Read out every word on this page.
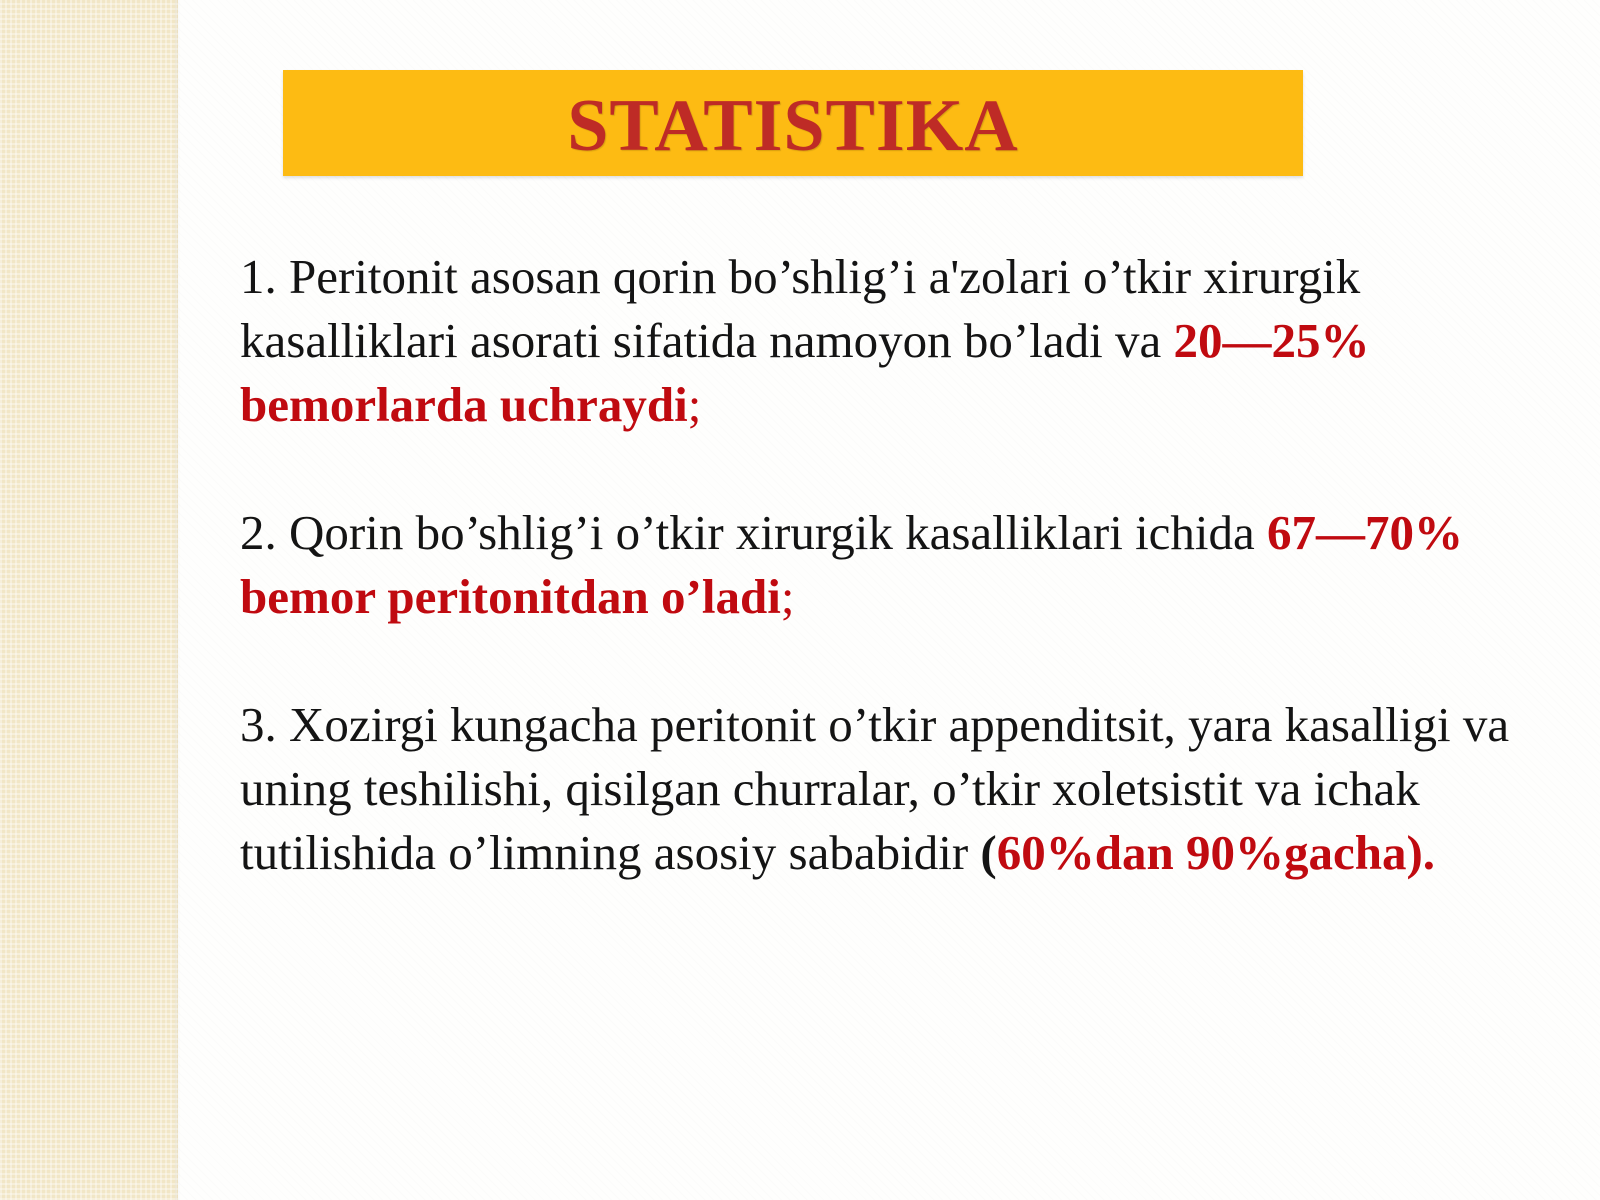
STATISTIKA

1. Peritonit asosan qorin bo’shlig’i a'zolari o’tkir xirurgik kasalliklari asorati sifatida namoyon bo’ladi va 20—25% bemorlarda uchraydi;

2. Qorin bo’shlig’i o’tkir xirurgik kasalliklari ichida 67—70% bemor peritonitdan o’ladi;

3. Xozirgi kungacha peritonit o’tkir appenditsit, yara kasalligi va uning teshilishi, qisilgan churralar, o’tkir xoletsistit va ichak tutilishida o’limning asosiy sababidir (60%dan 90%gacha).
